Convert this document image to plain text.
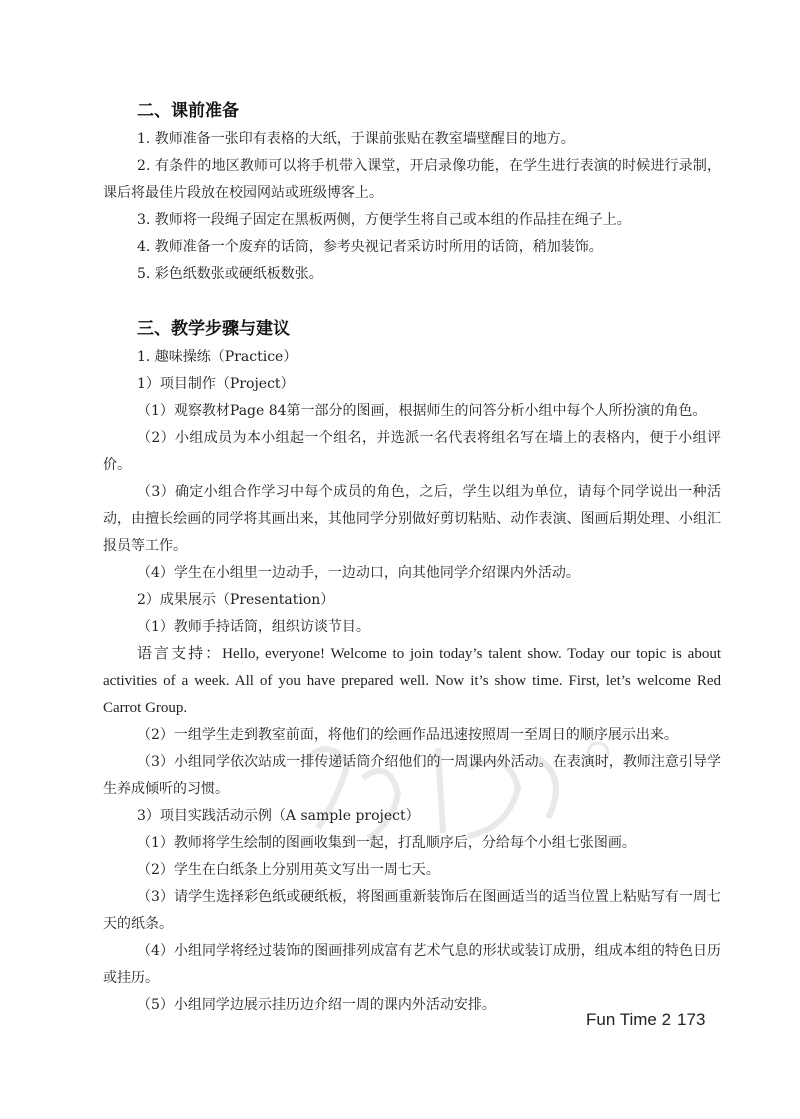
二、课前准备

1. 教师准备一张印有表格的大纸，于课前张贴在教室墙壁醒目的地方。

2. 有条件的地区教师可以将手机带入课堂，开启录像功能，在学生进行表演的时候进行录制，课后将最佳片段放在校园网站或班级博客上。

3. 教师将一段绳子固定在黑板两侧，方便学生将自己或本组的作品挂在绳子上。

4. 教师准备一个废弃的话筒，参考央视记者采访时所用的话筒，稍加装饰。

5. 彩色纸数张或硬纸板数张。

三、教学步骤与建议

1. 趣味操练（Practice）

1）项目制作（Project）

（1）观察教材Page 84第一部分的图画，根据师生的问答分析小组中每个人所扮演的角色。

（2）小组成员为本小组起一个组名，并选派一名代表将组名写在墙上的表格内，便于小组评价。

（3）确定小组合作学习中每个成员的角色，之后，学生以组为单位，请每个同学说出一种活动，由擅长绘画的同学将其画出来，其他同学分别做好剪切粘贴、动作表演、图画后期处理、小组汇报员等工作。

（4）学生在小组里一边动手，一边动口，向其他同学介绍课内外活动。

2）成果展示（Presentation）

（1）教师手持话筒，组织访谈节目。

语言支持：Hello, everyone! Welcome to join today’s talent show. Today our topic is about activities of a week. All of you have prepared well. Now it’s show time. First, let’s welcome Red Carrot Group.

（2）一组学生走到教室前面，将他们的绘画作品迅速按照周一至周日的顺序展示出来。

（3）小组同学依次站成一排传递话筒介绍他们的一周课内外活动。在表演时，教师注意引导学生养成倾听的习惯。

3）项目实践活动示例（A sample project）

（1）教师将学生绘制的图画收集到一起，打乱顺序后，分给每个小组七张图画。

（2）学生在白纸条上分别用英文写出一周七天。

（3）请学生选择彩色纸或硬纸板，将图画重新装饰后在图画适当的适当位置上粘贴写有一周七天的纸条。

（4）小组同学将经过装饰的图画排列成富有艺术气息的形状或装订成册，组成本组的特色日历或挂历。

（5）小组同学边展示挂历边介绍一周的课内外活动安排。

Fun Time 2 173
